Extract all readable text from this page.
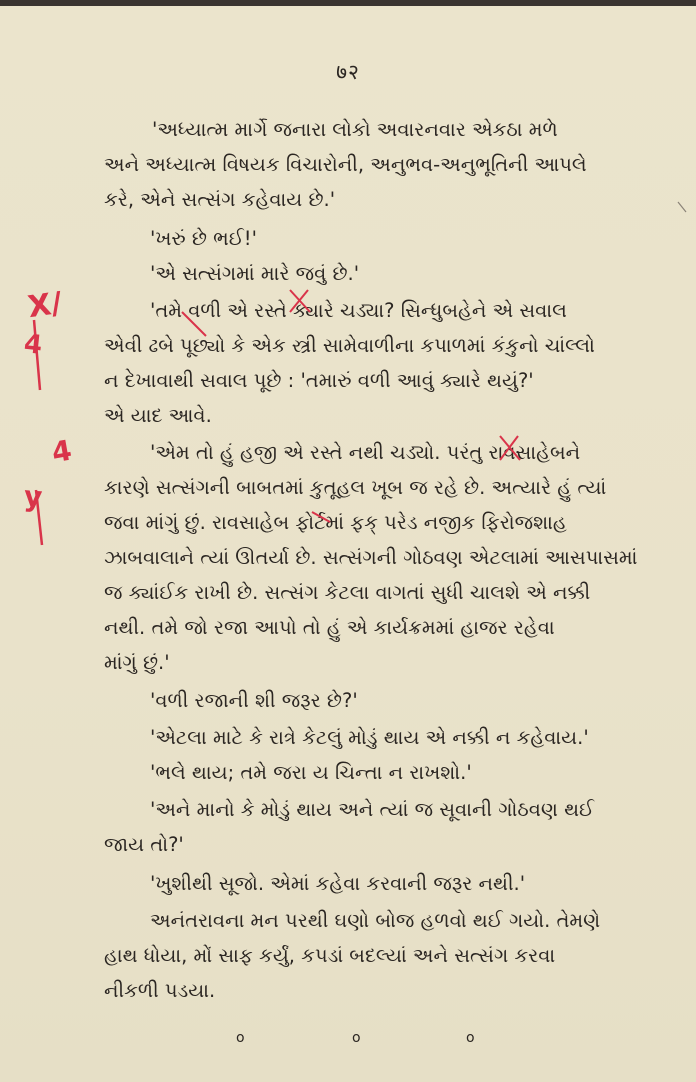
७२
'અધ્યાત્મ માર્ગે જનારા લોકો અવારનવાર એકઠા મળે
અને અધ્યાત્મ વિષયક વિચારોની, અનુભવ-અનુભૂતિની આપલે
કરે, એને સત્સંગ કહેવાય છે.'
'ખરું છે ભઈ!'
'એ સત્સંગમાં મારે જવું છે.'
'તમે વળી એ રસ્તે ક્યારે ચડ્યા? સિન્ધુબહેને એ સવાલ
એવી ઢબે પૂછ્યો કે એક સ્ત્રી સામેવાળીના કપાળમાં કંકુનો ચાંલ્લો
ન દેખાવાથી સવાલ પૂછે : 'તમારું વળી આવું ક્યારે થયું?'
એ યાદ આવે.
'એમ તો હું હજી એ રસ્તે નથી ચડ્યો. પરંતુ રાવસાહેબને
કારણે સત્સંગની બાબતમાં કુતૂહલ ખૂબ જ રહે છે. અત્યારે હું ત્યાં
જવા માંગું છું. રાવસાહેબ ફોર્ટમાં ફક્ પરેડ નજીક ફિરોજશાહ
ઝાબવાલાને ત્યાં ઊતર્યા છે. સત્સંગની ગોઠવણ એટલામાં આસપાસમાં
જ ક્યાંઈક રાખી છે. સત્સંગ કેટલા વાગતાં સુધી ચાલશે એ નક્કી
નથી. તમે જો રજા આપો તો હું એ કાર્યક્રમમાં હાજર રહેવા
માંગું છું.'
'વળી રજાની શી જરૂર છે?'
'એટલા માટે કે રાત્રે કેટલું મોડું થાય એ નક્કી ન કહેવાય.'
'ભલે થાય; તમે જરા ય ચિન્તા ન રાખશો.'
'અને માનો કે મોડું થાય અને ત્યાં જ સૂવાની ગોઠવણ થઈ
જાય તો?'
'ખુશીથી સૂજો. એમાં કહેવા કરવાની જરૂર નથી.'
અનંતરાવના મન પરથી ઘણો બોજ હળવો થઈ ગયો. તેમણે
હાથ ધોયા, મોં સાફ કર્યું, કપડાં બદલ્યાં અને સત્સંગ કરવા
નીકળી પડયા.
o	o	o
X/
4
4
y
